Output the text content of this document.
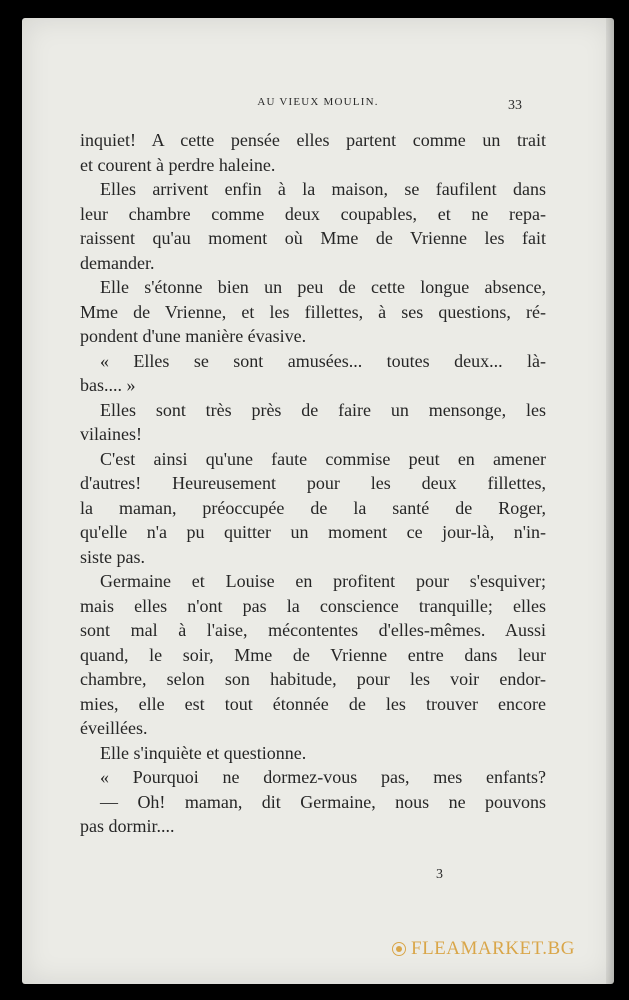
AU VIEUX MOULIN.	33
inquiet! A cette pensée elles partent comme un trait
et courent à perdre haleine.
Elles arrivent enfin à la maison, se faufilent dans
leur chambre comme deux coupables, et ne repa-
raissent qu'au moment où Mme de Vrienne les fait
demander.
Elle s'étonne bien un peu de cette longue absence,
Mme de Vrienne, et les fillettes, à ses questions, ré-
pondent d'une manière évasive.
« Elles se sont amusées... toutes deux... là-
bas.... »
Elles sont très près de faire un mensonge, les
vilaines!
C'est ainsi qu'une faute commise peut en amener
d'autres! Heureusement pour les deux fillettes,
la maman, préoccupée de la santé de Roger,
qu'elle n'a pu quitter un moment ce jour-là, n'in-
siste pas.
Germaine et Louise en profitent pour s'esquiver;
mais elles n'ont pas la conscience tranquille; elles
sont mal à l'aise, mécontentes d'elles-mêmes. Aussi
quand, le soir, Mme de Vrienne entre dans leur
chambre, selon son habitude, pour les voir endor-
mies, elle est tout étonnée de les trouver encore
éveillées.
Elle s'inquiète et questionne.
« Pourquoi ne dormez-vous pas, mes enfants?
— Oh! maman, dit Germaine, nous ne pouvons
pas dormir....
3
FLEAMARKET.BG
